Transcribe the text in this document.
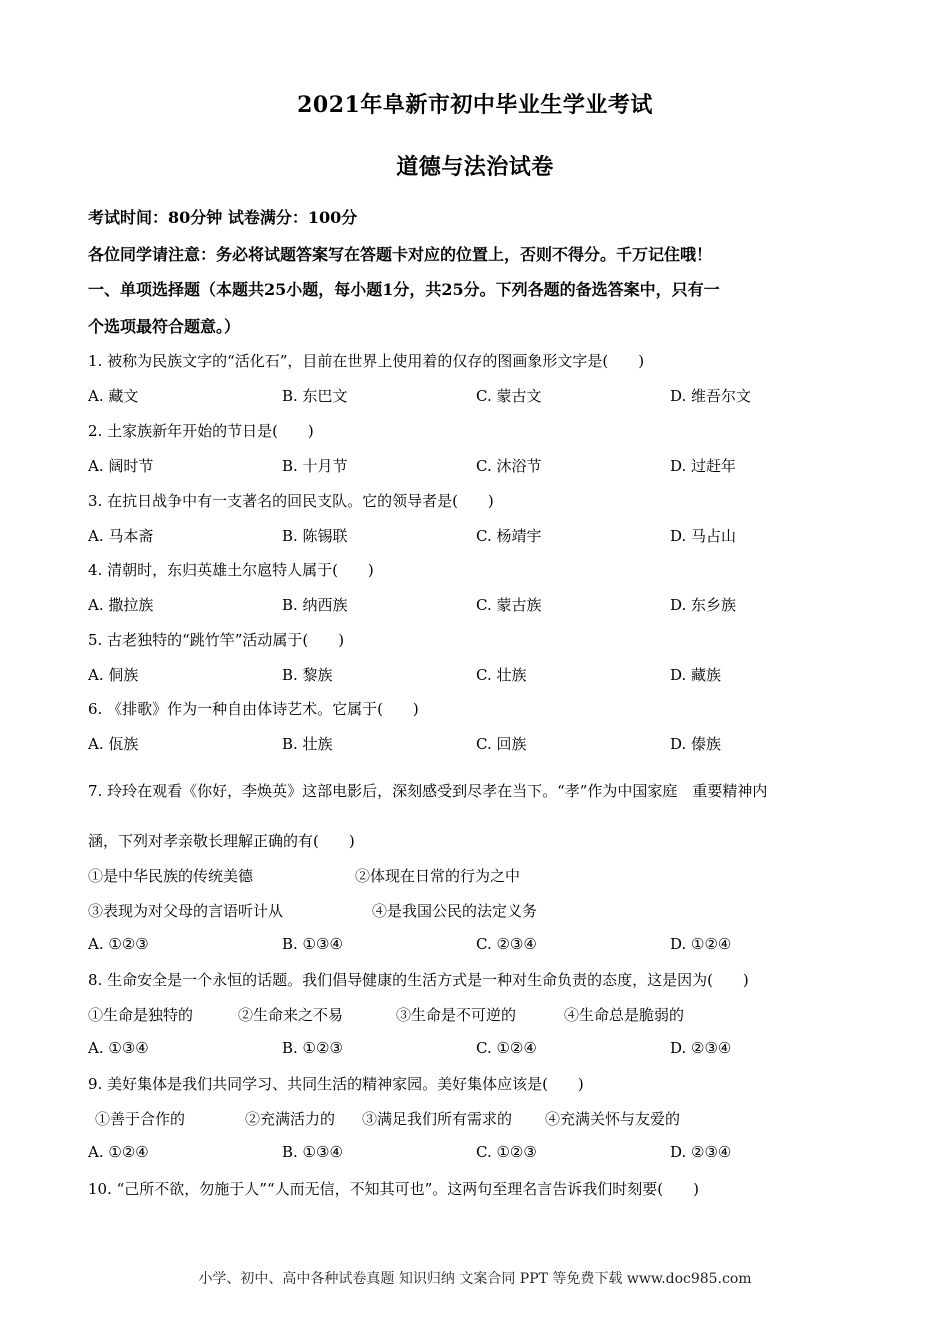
2021年阜新市初中毕业生学业考试
道德与法治试卷
考试时间：80分钟 试卷满分：100分
各位同学请注意：务必将试题答案写在答题卡对应的位置上，否则不得分。千万记住哦！
一、单项选择题（本题共25小题，每小题1分，共25分。下列各题的备选答案中，只有一
个选项最符合题意。）
1. 被称为民族文字的“活化石”，目前在世界上使用着的仅存的图画象形文字是(　　)
A. 藏文	B. 东巴文	C. 蒙古文	D. 维吾尔文
2. 土家族新年开始的节日是(　　)
A. 阔时节	B. 十月节	C. 沐浴节	D. 过赶年
3. 在抗日战争中有一支著名的回民支队。它的领导者是(　　)
A. 马本斋	B. 陈锡联	C. 杨靖宇	D. 马占山
4. 清朝时，东归英雄土尔扈特人属于(　　)
A. 撒拉族	B. 纳西族	C. 蒙古族	D. 东乡族
5. 古老独特的“跳竹竿”活动属于(　　)
A. 侗族	B. 黎族	C. 壮族	D. 藏族
6. 《排歌》作为一种自由体诗艺术。它属于(　　)
A. 佤族	B. 壮族	C. 回族	D. 傣族
7. 玲玲在观看《你好，李焕英》这部电影后，深刻感受到尽孝在当下。“孝”作为中国家庭　重要精神内
涵，下列对孝亲敬长理解正确的有(　　)
①是中华民族的传统美德	②体现在日常的行为之中
③表现为对父母的言语听计从	④是我国公民的法定义务
A. ①②③	B. ①③④	C. ②③④	D. ①②④
8. 生命安全是一个永恒的话题。我们倡导健康的生活方式是一种对生命负责的态度，这是因为(　　)
①生命是独特的	②生命来之不易	③生命是不可逆的	④生命总是脆弱的
A. ①③④	B. ①②③	C. ①②④	D. ②③④
9. 美好集体是我们共同学习、共同生活的精神家园。美好集体应该是(　　)
①善于合作的	②充满活力的 ③满足我们所有需求的 ④充满关怀与友爱的
A. ①②④	B. ①③④	C. ①②③	D. ②③④
10. “己所不欲，勿施于人”“人而无信，不知其可也”。这两句至理名言告诉我们时刻要(　　)
小学、初中、高中各种试卷真题 知识归纳 文案合同 PPT 等免费下载 www.doc985.com
